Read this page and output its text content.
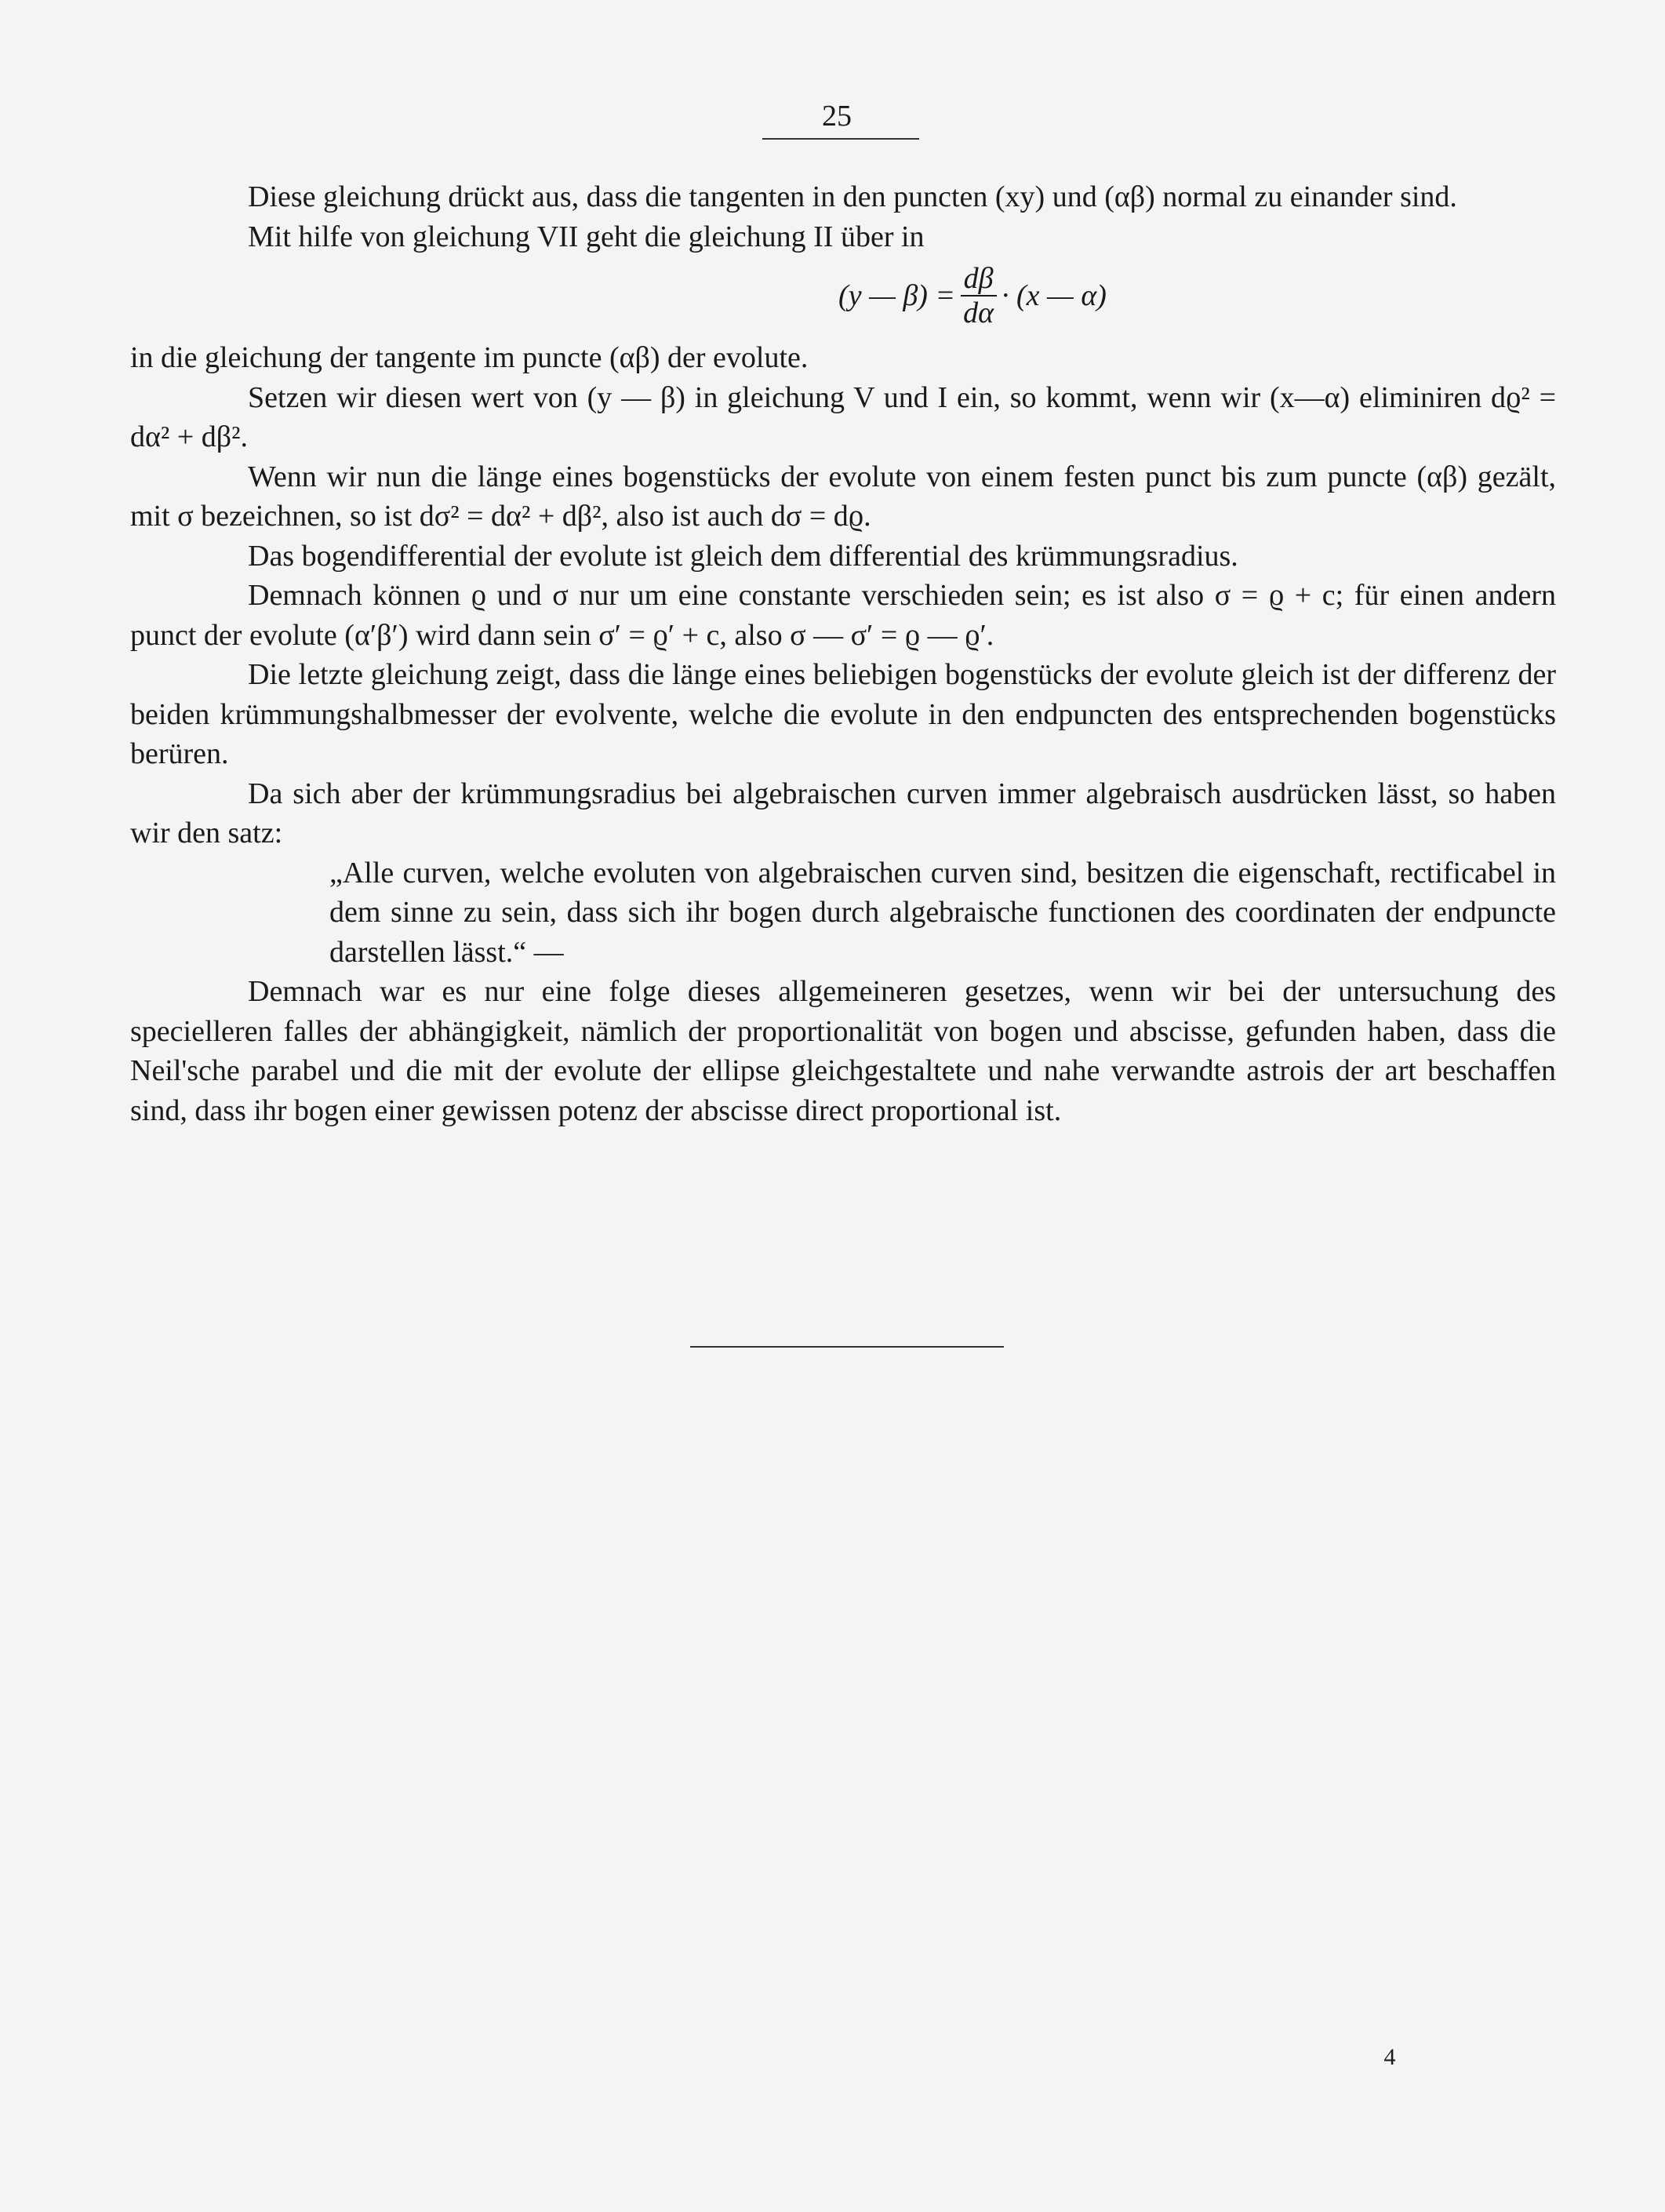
25

Diese gleichung drückt aus, dass die tangenten in den puncten (xy) und (αβ) normal zu einander sind.

Mit hilfe von gleichung VII geht die gleichung II über in

(y — $\beta) = \frac{d\beta}{d\alpha} \cdot (x$ — α)

in die gleichung der tangente im puncte (αβ) der evolute.

Setzen wir diesen wert von (y — β) in gleichung V und I ein, so kommt, wenn wir (x—α) eliminiren dϱ² = dα² + dβ².

Wenn wir nun die länge eines bogenstücks der evolute von einem festen punct bis zum puncte (αβ) gezält, mit σ bezeichnen, so ist dσ² = dα² + dβ², also ist auch dσ = dϱ.

Das bogendifferential der evolute ist gleich dem differential des krümmungsradius.

Demnach können ϱ und σ nur um eine constante verschieden sein; es ist also σ = ϱ + c; für einen andern punct der evolute (α′β′) wird dann sein σ′ = ϱ′ + c, also σ — σ′ = ϱ — ϱ′.

Die letzte gleichung zeigt, dass die länge eines beliebigen bogenstücks der evolute gleich ist der differenz der beiden krümmungshalbmesser der evolvente, welche die evolute in den endpuncten des entsprechenden bogenstücks berüren.

Da sich aber der krümmungsradius bei algebraischen curven immer algebraisch ausdrücken lässt, so haben wir den satz:

„Alle curven, welche evoluten von algebraischen curven sind, besitzen die eigenschaft, rectificabel in dem sinne zu sein, dass sich ihr bogen durch algebraische functionen des coordinaten der endpuncte darstellen lässt.“ —

Demnach war es nur eine folge dieses allgemeineren gesetzes, wenn wir bei der untersuchung des specielleren falles der abhängigkeit, nämlich der proportionalität von bogen und abscisse, gefunden haben, dass die Neil'sche parabel und die mit der evolute der ellipse gleichgestaltete und nahe verwandte astrois der art beschaffen sind, dass ihr bogen einer gewissen potenz der abscisse direct proportional ist.

4
